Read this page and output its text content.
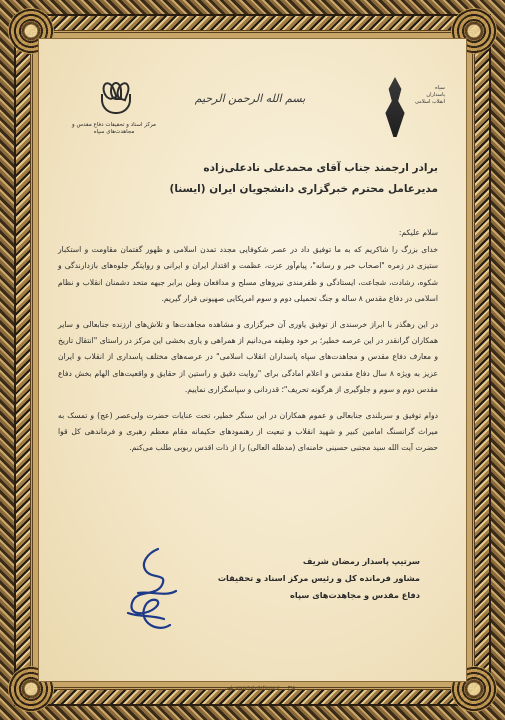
مرکز اسناد و تحقیقات دفاع مقدس و مجاهدت‌های سپاه
بسم الله الرحمن الرحیم
سپاه پاسداران انقلاب اسلامی
برادر ارجمند جناب آقای محمدعلی نادعلی‌زاده
مدیرعامل محترم خبرگزاری دانشجویان ایران (ایسنا)

سلام علیکم:

خدای بزرگ را شاکریم که به ما توفیق داد در عصر شکوفایی مجدد تمدن اسلامی و ظهور گفتمان مقاومت و استکبار ستیزی در زمره "اصحاب خبر و رسانه"، پیام‌آور عزت، عظمت و اقتدار ایران و ایرانی و روایتگر جلوه‌های بازدارندگی و شکوه، رشادت، شجاعت، ایستادگی و ظفرمندی نیروهای مسلح و مدافعان وطن برابر جبهه متحد دشمنان انقلاب و نظام اسلامی در دفاع مقدس ۸ ساله و جنگ تحمیلی دوم و سوم امریکایی صهیونی قرار گیریم.

در این رهگذر با ابراز خرسندی از توفیق یاوری آن خبرگزاری و مشاهده مجاهدت‌ها و تلاش‌های ارزنده جنابعالی و سایر همکاران گرانقدر در این عرصه خطیر؛ بر خود وظیفه می‌دانیم از همراهی و یاری بخشی این مرکز در راستای "انتقال تاریخ و معارف دفاع مقدس و مجاهدت‌های سپاه پاسداران انقلاب اسلامی" در عرصه‌های مختلف پاسداری از انقلاب و ایران عزیز به ویژه ۸ سال دفاع مقدس و اعلام امادگی برای "روایت دقیق و راستین از حقایق و واقعیت‌های الهام بخش دفاع مقدس دوم و سوم و جلوگیری از هرگونه تحریف"؛ قدردانی و سپاسگزاری نماییم.

دوام توفیق و سربلندی جنابعالی و عموم همکاران در این سنگر خطیر، تحت عنایات حضرت ولی‌عصر (عج) و تمسک به میراث گرانسنگ امامین کبیر و شهید انقلاب و تبعیت از رهنمودهای حکیمانه مقام معظم رهبری و فرماندهی کل قوا حضرت آیت الله سید مجتبی حسینی خامنه‌ای (مدظله العالی) را از ذات اقدس ربوبی طلب می‌کنم.

سرتیپ پاسدار رمضان شریف
مشاور فرمانده کل و رئیس مرکز اسناد و تحقیقات
دفاع مقدس و مجاهدت‌های سپاه
www.holydefense.ir — ۳۹۵ تلفن
